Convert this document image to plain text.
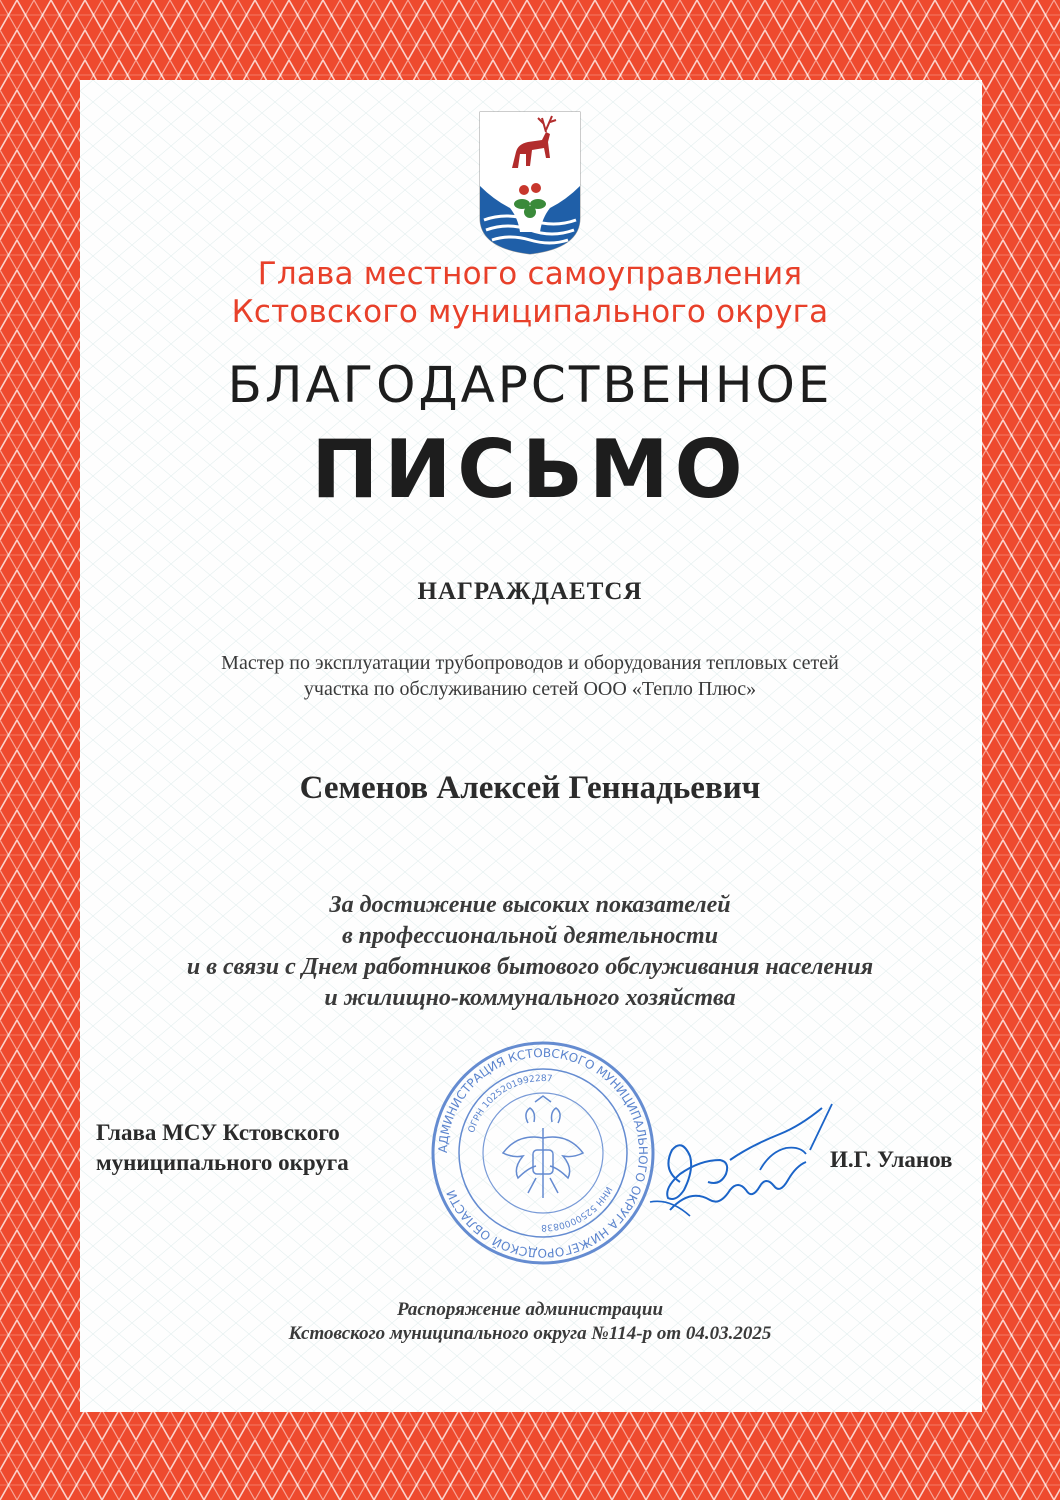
Глава местного самоуправления
Кстовского муниципального округа
БЛАГОДАРСТВЕННОЕ
ПИСЬМО
НАГРАЖДАЕТСЯ
Мастер по эксплуатации трубопроводов и оборудования тепловых сетей
участка по обслуживанию сетей ООО «Тепло Плюс»
Семенов Алексей Геннадьевич
За достижение высоких показателей
в профессиональной деятельности
и в связи с Днем работников бытового обслуживания населения
и жилищно-коммунального хозяйства
Глава МСУ Кстовского
муниципального округа
АДМИНИСТРАЦИЯ КСТОВСКОГО МУНИЦИПАЛЬНОГО ОКРУГА НИЖЕГОРОДСКОЙ ОБЛАСТИ
ОГРН 1025201992287
ИНН 5250000838
И.Г. Уланов
Распоряжение администрации
Кстовского муниципального округа №114-р от 04.03.2025
